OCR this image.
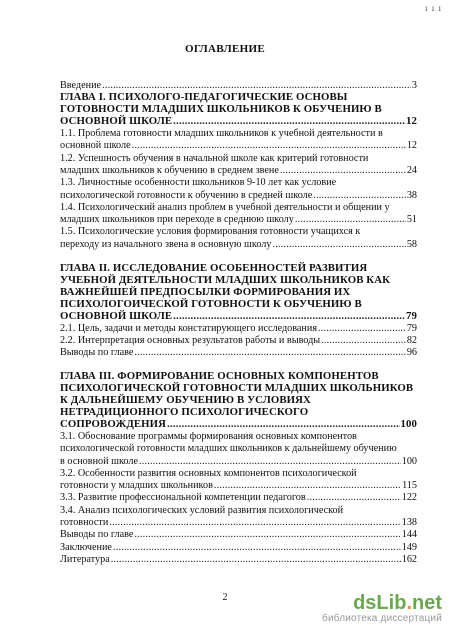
ı ı ı
ОГЛАВЛЕНИЕ
Введение .....	3
ГЛАВА I. ПСИХОЛОГО-ПЕДАГОГИЧЕСКИЕ ОСНОВЫ
ГОТОВНОСТИ МЛАДШИХ ШКОЛЬНИКОВ К ОБУЧЕНИЮ В
ОСНОВНОЙ ШКОЛЕ .....	12
1.1. Проблема готовности младших школьников к учебной деятельности в
основной школе .....	12
1.2. Успешность обучения в начальной школе как критерий готовности
младших школьников к обучению в среднем звене .....	24
1.3. Личностные особенности школьников 9-10 лет как условие
психологической готовности к обучению в средней школе .....	38
1.4. Психологический анализ проблем в учебной деятельности и общении у
младших школьников при переходе в среднюю школу .....	51
1.5. Психологические условия формирования готовности учащихся к
переходу из начального звена в основную школу .....	58
ГЛАВА II. ИССЛЕДОВАНИЕ ОСОБЕННОСТЕЙ РАЗВИТИЯ
УЧЕБНОЙ ДЕЯТЕЛЬНОСТИ МЛАДШИХ ШКОЛЬНИКОВ КАК
ВАЖНЕЙШЕЙ ПРЕДПОСЫЛКИ ФОРМИРОВАНИЯ ИХ
ПСИХОЛОГОИЧЕСКОЙ ГОТОВНОСТИ К ОБУЧЕНИЮ В
ОСНОВНОЙ ШКОЛЕ .....	79
2.1. Цель, задачи и методы констатирующего исследования .....	79
2.2. Интерпретация основных результатов работы и выводы .....	82
Выводы по главе .....	96
ГЛАВА III. ФОРМИРОВАНИЕ ОСНОВНЫХ КОМПОНЕНТОВ
ПСИХОЛОГИЧЕСКОЙ ГОТОВНОСТИ МЛАДШИХ ШКОЛЬНИКОВ
К ДАЛЬНЕЙШЕМУ ОБУЧЕНИЮ В УСЛОВИЯХ
НЕТРАДИЦИОННОГО ПСИХОЛОГИЧЕСКОГО
СОПРОВОЖДЕНИЯ .....	100
3.1. Обоснование программы формирования основных компонентов
психологической готовности младших школьников к дальнейшему обучению
в основной школе .....	100
3.2. Особенности развития основных компонентов психологической
готовности у младших школьников .....	115
3.3. Развитие профессиональной компетенции педагогов .....	122
3.4. Анализ психологических условий развития психологической
готовности .....	138
Выводы по главе .....	144
Заключение .....	149
Литература .....	162
2	dsLib.net
библиотека диссертаций
